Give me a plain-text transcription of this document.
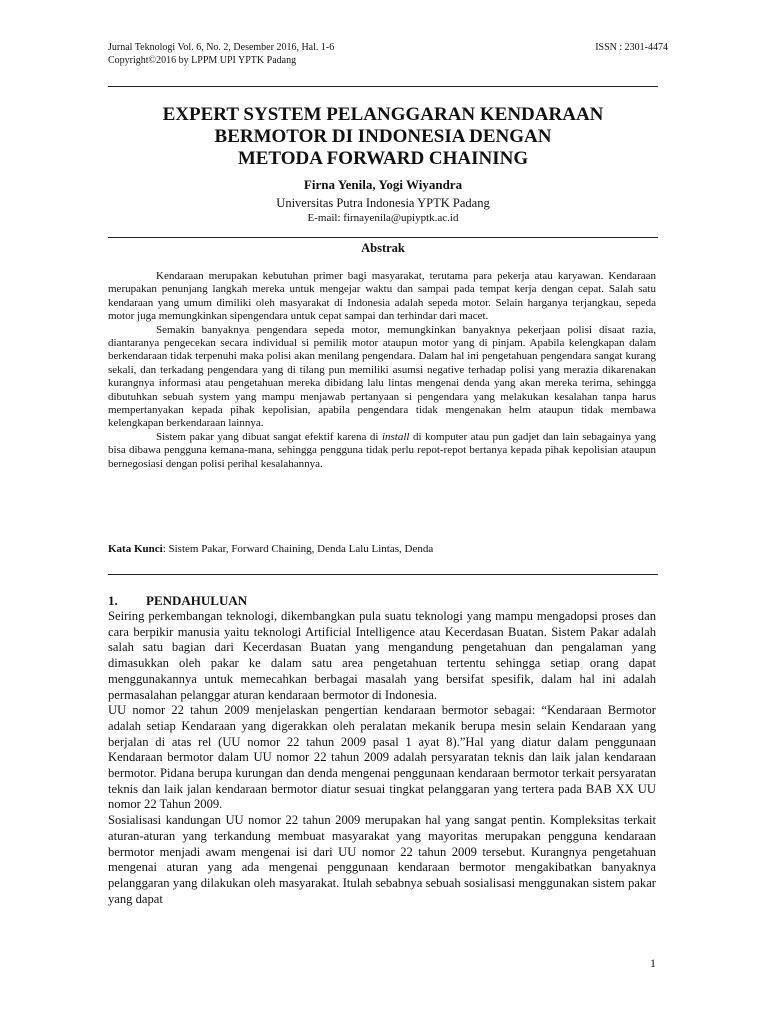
Jurnal Teknologi Vol. 6, No. 2, Desember 2016, Hal. 1-6	ISSN : 2301-4474
Copyright©2016 by LPPM UPI YPTK Padang
EXPERT SYSTEM PELANGGARAN KENDARAAN
BERMOTOR DI INDONESIA DENGAN
METODA FORWARD CHAINING
Firna Yenila, Yogi Wiyandra
Universitas Putra Indonesia YPTK Padang
E-mail: firnayenila@upiyptk.ac.id
Abstrak

Kendaraan merupakan kebutuhan primer bagi masyarakat, terutama para pekerja atau karyawan. Kendaraan merupakan penunjang langkah mereka untuk mengejar waktu dan sampai pada tempat kerja dengan cepat. Salah satu kendaraan yang umum dimiliki oleh masyarakat di Indonesia adalah sepeda motor. Selain harganya terjangkau, sepeda motor juga memungkinkan sipengendara untuk cepat sampai dan terhindar dari macet.

Semakin banyaknya pengendara sepeda motor, memungkinkan banyaknya pekerjaan polisi disaat razia, diantaranya pengecekan secara individual si pemilik motor ataupun motor yang di pinjam. Apabila kelengkapan dalam berkendaraan tidak terpenuhi maka polisi akan menilang pengendara. Dalam hal ini pengetahuan pengendara sangat kurang sekali, dan terkadang pengendara yang di tilang pun memiliki asumsi negative terhadap polisi yang merazia dikarenakan kurangnya informasi atau pengetahuan mereka dibidang lalu lintas mengenai denda yang akan mereka terima, sehingga dibutuhkan sebuah system yang mampu menjawab pertanyaan si pengendara yang melakukan kesalahan tanpa harus mempertanyakan kepada pihak kepolisian, apabila pengendara tidak mengenakan helm ataupun tidak membawa kelengkapan berkendaraan lainnya.

Sistem pakar yang dibuat sangat efektif karena di install di komputer atau pun gadjet dan lain sebagainya yang bisa dibawa pengguna kemana-mana, sehingga pengguna tidak perlu repot-repot bertanya kepada pihak kepolisian ataupun bernegosiasi dengan polisi perihal kesalahannya.

Kata Kunci: Sistem Pakar, Forward Chaining, Denda Lalu Lintas, Denda
1. PENDAHULUAN

Seiring perkembangan teknologi, dikembangkan pula suatu teknologi yang mampu mengadopsi proses dan cara berpikir manusia yaitu teknologi Artificial Intelligence atau Kecerdasan Buatan. Sistem Pakar adalah salah satu bagian dari Kecerdasan Buatan yang mengandung pengetahuan dan pengalaman yang dimasukkan oleh pakar ke dalam satu area pengetahuan tertentu sehingga setiap orang dapat menggunakannya untuk memecahkan berbagai masalah yang bersifat spesifik, dalam hal ini adalah permasalahan pelanggar aturan kendaraan bermotor di Indonesia.

UU nomor 22 tahun 2009 menjelaskan pengertian kendaraan bermotor sebagai: “Kendaraan Bermotor adalah setiap Kendaraan yang digerakkan oleh peralatan mekanik berupa mesin selain Kendaraan yang berjalan di atas rel (UU nomor 22 tahun 2009 pasal 1 ayat 8).”Hal yang diatur dalam penggunaan Kendaraan bermotor dalam UU nomor 22 tahun 2009 adalah persyaratan teknis dan laik jalan kendaraan bermotor. Pidana berupa kurungan dan denda mengenai penggunaan kendaraan bermotor terkait persyaratan teknis dan laik jalan kendaraan bermotor diatur sesuai tingkat pelanggaran yang tertera pada BAB XX UU nomor 22 Tahun 2009.

Sosialisasi kandungan UU nomor 22 tahun 2009 merupakan hal yang sangat pentin. Kompleksitas terkait aturan-aturan yang terkandung membuat masyarakat yang mayoritas merupakan pengguna kendaraan bermotor menjadi awam mengenai isi dari UU nomor 22 tahun 2009 tersebut. Kurangnya pengetahuan mengenai aturan yang ada mengenai penggunaan kendaraan bermotor mengakibatkan banyaknya pelanggaran yang dilakukan oleh masyarakat. Itulah sebabnya sebuah sosialisasi menggunakan sistem pakar yang dapat

1
